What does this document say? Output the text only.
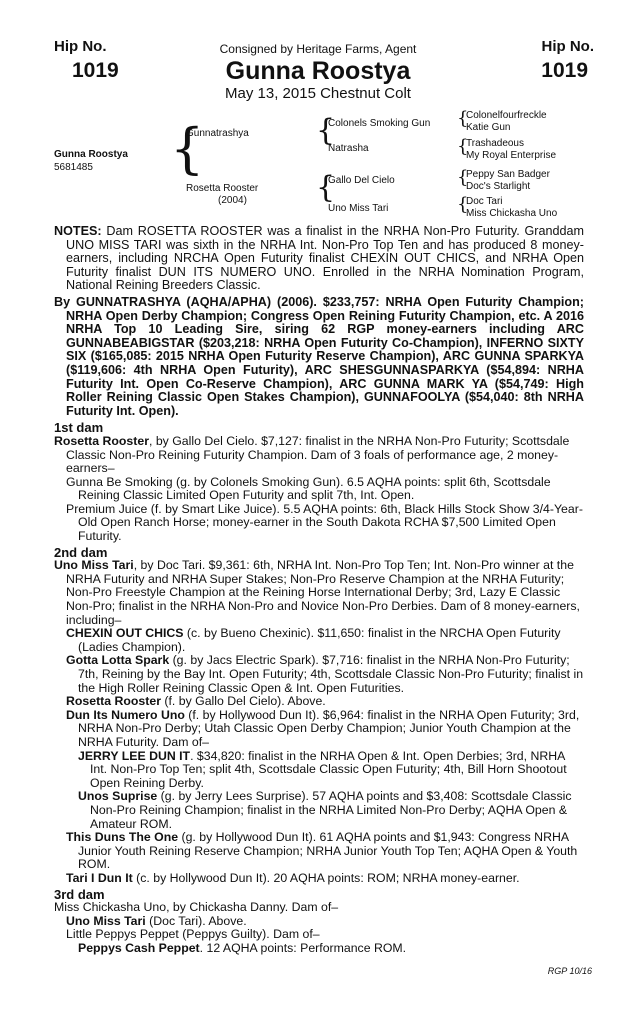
Hip No.
1019
Consigned by Heritage Farms, Agent
Gunna Roostya
May 13, 2015 Chestnut Colt
Hip No.
1019
Gunna Roostya
5681485 {
Gunnatrashya
Rosetta Rooster
(2004)
{
Colonels Smoking Gun
Natrasha
{
Gallo Del Cielo
Uno Miss Tari
{
Colonelfourfreckle
Katie Gun
{
Trashadeous
My Royal Enterprise
{
Peppy San Badger
Doc's Starlight
{
Doc Tari
Miss Chickasha Uno
NOTES: Dam ROSETTA ROOSTER was a finalist in the NRHA Non-Pro Futurity. Granddam UNO MISS TARI was sixth in the NRHA Int. Non-Pro Top Ten and has produced 8 money-earners, including NRCHA Open Futurity finalist CHEXIN OUT CHICS, and NRHA Open Futurity finalist DUN ITS NUMERO UNO. Enrolled in the NRHA Nomination Program, National Reining Breeders Classic.
By GUNNATRASHYA (AQHA/APHA) (2006). $233,757: NRHA Open Futurity Champion; NRHA Open Derby Champion; Congress Open Reining Futurity Champion, etc. A 2016 NRHA Top 10 Leading Sire, siring 62 RGP money-earners including ARC GUNNABEABIGSTAR ($203,218: NRHA Open Futurity Co-Champion), INFERNO SIXTY SIX ($165,085: 2015 NRHA Open Futurity Reserve Champion), ARC GUNNA SPARKYA ($119,606: 4th NRHA Open Futurity), ARC SHESGUNNASPARKYA ($54,894: NRHA Futurity Int. Open Co-Reserve Champion), ARC GUNNA MARK YA ($54,749: High Roller Reining Classic Open Stakes Champion), GUNNAFOOLYA ($54,040: 8th NRHA Futurity Int. Open).
1st dam
Rosetta Rooster, by Gallo Del Cielo. $7,127: finalist in the NRHA Non-Pro Futurity; Scottsdale Classic Non-Pro Reining Futurity Champion. Dam of 3 foals of performance age, 2 money-earners–
Gunna Be Smoking (g. by Colonels Smoking Gun). 6.5 AQHA points: split 6th, Scottsdale Reining Classic Limited Open Futurity and split 7th, Int. Open.
Premium Juice (f. by Smart Like Juice). 5.5 AQHA points: 6th, Black Hills Stock Show 3/4-Year-Old Open Ranch Horse; money-earner in the South Dakota RCHA $7,500 Limited Open Futurity.
2nd dam
Uno Miss Tari, by Doc Tari. $9,361: 6th, NRHA Int. Non-Pro Top Ten; Int. Non-Pro winner at the NRHA Futurity and NRHA Super Stakes; Non-Pro Reserve Champion at the NRHA Futurity; Non-Pro Freestyle Champion at the Reining Horse International Derby; 3rd, Lazy E Classic Non-Pro; finalist in the NRHA Non-Pro and Novice Non-Pro Derbies. Dam of 8 money-earners, including–
CHEXIN OUT CHICS (c. by Bueno Chexinic). $11,650: finalist in the NRCHA Open Futurity (Ladies Champion).
Gotta Lotta Spark (g. by Jacs Electric Spark). $7,716: finalist in the NRHA Non-Pro Futurity; 7th, Reining by the Bay Int. Open Futurity; 4th, Scottsdale Classic Non-Pro Futurity; finalist in the High Roller Reining Classic Open & Int. Open Futurities.
Rosetta Rooster (f. by Gallo Del Cielo). Above.
Dun Its Numero Uno (f. by Hollywood Dun It). $6,964: finalist in the NRHA Open Futurity; 3rd, NRHA Non-Pro Derby; Utah Classic Open Derby Champion; Junior Youth Champion at the NRHA Futurity. Dam of–
JERRY LEE DUN IT. $34,820: finalist in the NRHA Open & Int. Open Derbies; 3rd, NRHA Int. Non-Pro Top Ten; split 4th, Scottsdale Classic Open Futurity; 4th, Bill Horn Shootout Open Reining Derby.
Unos Suprise (g. by Jerry Lees Surprise). 57 AQHA points and $3,408: Scottsdale Classic Non-Pro Reining Champion; finalist in the NRHA Limited Non-Pro Derby; AQHA Open & Amateur ROM.
This Duns The One (g. by Hollywood Dun It). 61 AQHA points and $1,943: Congress NRHA Junior Youth Reining Reserve Champion; NRHA Junior Youth Top Ten; AQHA Open & Youth ROM.
Tari I Dun It (c. by Hollywood Dun It). 20 AQHA points: ROM; NRHA money-earner.
3rd dam
Miss Chickasha Uno, by Chickasha Danny. Dam of–
Uno Miss Tari (Doc Tari). Above.
Little Peppys Peppet (Peppys Guilty). Dam of–
Peppys Cash Peppet. 12 AQHA points: Performance ROM.
RGP 10/16
